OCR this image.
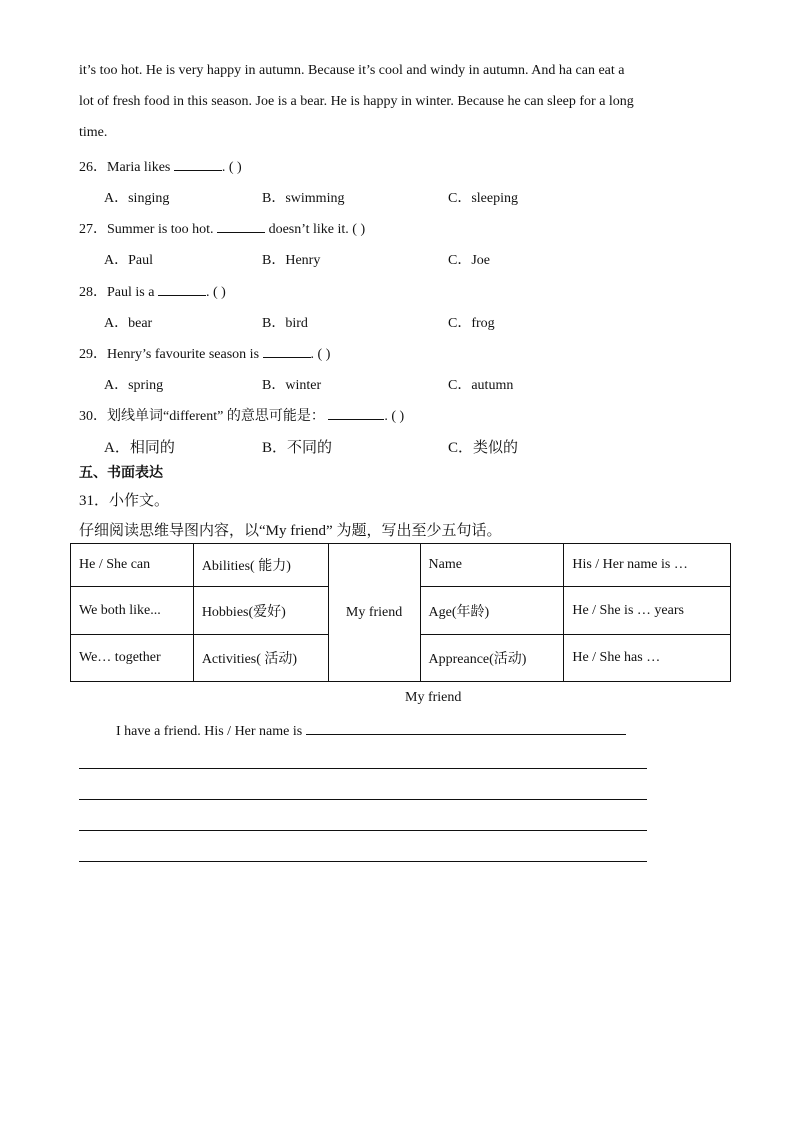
it’s too hot. He is very happy in autumn. Because it’s cool and windy in autumn. And ha can eat a
lot of fresh food in this season. Joe is a bear. He is happy in winter. Because he can sleep for a long
time.
26．Maria likes	. ( )
A．singing	B．swimming	C．sleeping
27．Summer is too hot.	doesn’t like it. ( )
A．Paul	B．Henry	C．Joe
28．Paul is a	. ( )
A．bear	B．bird	C．frog
29．Henry’s favourite season is	. ( )
A．spring	B．winter	C．autumn
30．划线单词“different” 的意思可能是：	. ( )
A．相同的	B．不同的	C．类似的
五、书面表达
31．小作文。
仔细阅读思维导图内容，以“My friend” 为题，写出至少五句话。
He / She can	Abilities( 能力)	My friend	Name	His / Her name is …
We both like...	Hobbies(爱好)		Age(年龄)	He / She is … years
We… together	Activities( 活动)		Appreance(活动)	He / She has …
My friend
I have a friend. His / Her name is
